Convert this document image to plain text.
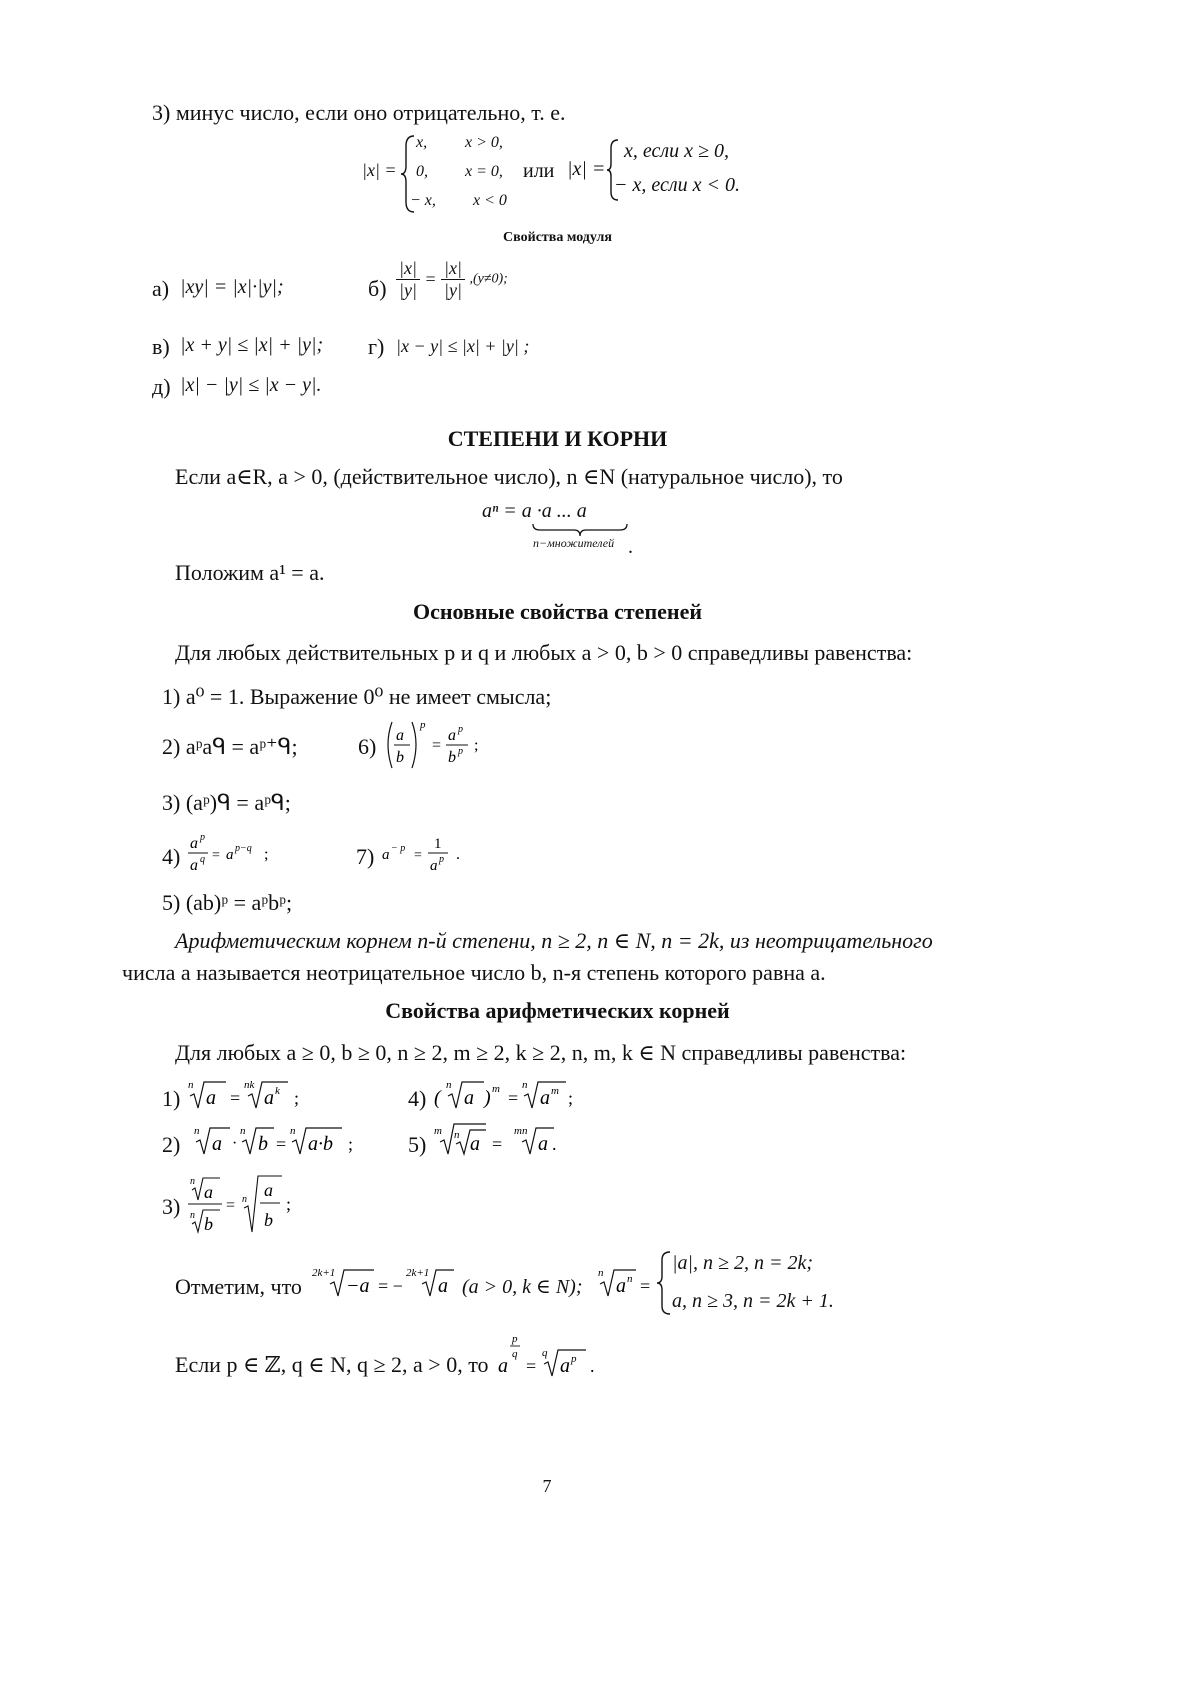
3) минус число, если оно отрицательно, т. е.
|x| =
x, x > 0,
0, x = 0,
− x, x < 0
или |x| =
x, если x ≥ 0,
− x, если x < 0.
Свойства модуля
а) |xy| = |x|·|y|;	$б) \frac{|x|}{|y|} = \frac{|x|}{|y|} ,(y\ne 0)$;
в) |x + y| ≤ |x| + |y|; г) |x − y| ≤ |x| + |y| ;
д) |x| − |y| ≤ |x − y|.
СТЕПЕНИ И КОРНИ
Если a∈R, a > 0, (действительное число), n ∈N (натуральное число), то
aⁿ = a ·a ... a
n−множителей .
Положим a¹ = a.
Основные свойства степеней
Для любых действительных p и q и любых a > 0, b > 0 справедливы равенства:
1) a⁰ = 1. Выражение 0⁰ не имеет смысла;
2) aᵖaᑫ = aᵖ⁺ᑫ;	6) a
b
p
=
a p
b p ;
3) (aᵖ)ᑫ = aᵖᑫ;
4)
a p
a q = a p−q ;	7) a − p =
1
a p .
5) (ab)ᵖ = aᵖbᵖ;
Арифметическим корнем n-й степени, n ≥ 2, n ∈ N, n = 2k, из неотрицательного
числа a называется неотрицательное число b, n-я степень которого равна a.
Свойства арифметических корней
Для любых a ≥ 0, b ≥ 0, n ≥ 2, m ≥ 2, k ≥ 2, n, m, k ∈ N справедливы равенства:
1)
n
a =
nk
a k ;	4) (
n
a ) m =
n
a m ;
2)
n
a ·
n
b =
n
a·b ; 5)
m n a =
mn
a .
3)
n
a
n b
= n a
b
;
Отметим, что
2k+1
−a = −
2k+1
a (a > 0, k ∈ N);
n
a n =
|a|, n ≥ 2, n = 2k;
a, n ≥ 3, n = 2k + 1.
Если p ∈ ℤ, q ∈ N, q ≥ 2, a > 0, то a
p
q
=
q
a p .
7
